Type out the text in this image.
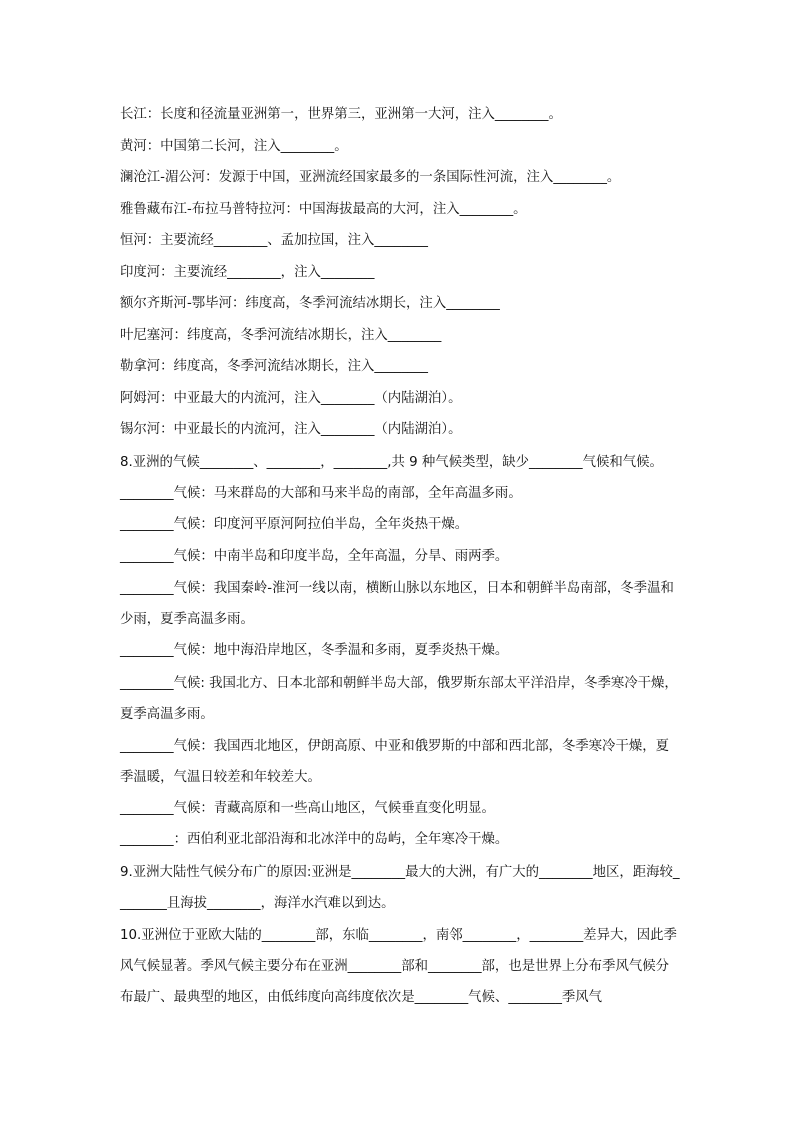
长江：长度和径流量亚洲第一，世界第三，亚洲第一大河，注入________。
黄河：中国第二长河，注入________。
澜沧江-湄公河：发源于中国，亚洲流经国家最多的一条国际性河流，注入________。
雅鲁藏布江-布拉马普特拉河：中国海拔最高的大河，注入________。
恒河：主要流经________、孟加拉国，注入________
印度河：主要流经________，注入________
额尔齐斯河-鄂毕河：纬度高，冬季河流结冰期长，注入________
叶尼塞河：纬度高，冬季河流结冰期长，注入________
勒拿河：纬度高，冬季河流结冰期长，注入________
阿姆河：中亚最大的内流河，注入________（内陆湖泊）。
锡尔河：中亚最长的内流河，注入________（内陆湖泊）。
8.亚洲的气候________、________，________,共 9 种气候类型，缺少________气候和气候。
________气候：马来群岛的大部和马来半岛的南部，全年高温多雨。
________气候：印度河平原河阿拉伯半岛，全年炎热干燥。
________气候：中南半岛和印度半岛，全年高温，分旱、雨两季。
________气候：我国秦岭-淮河一线以南，横断山脉以东地区，日本和朝鲜半岛南部，冬季温和少雨，夏季高温多雨。
________气候：地中海沿岸地区，冬季温和多雨，夏季炎热干燥。
________气候: 我国北方、日本北部和朝鲜半岛大部，俄罗斯东部太平洋沿岸，冬季寒冷干燥，夏季高温多雨。
________气候：我国西北地区，伊朗高原、中亚和俄罗斯的中部和西北部，冬季寒冷干燥，夏季温暖，气温日较差和年较差大。
________气候：青藏高原和一些高山地区，气候垂直变化明显。
________：西伯利亚北部沿海和北冰洋中的岛屿，全年寒冷干燥。
9.亚洲大陆性气候分布广的原因:亚洲是________最大的大洲，有广大的________地区，距海较________且海拔________，海洋水汽难以到达。
10.亚洲位于亚欧大陆的________部，东临________，南邻________，________差异大，因此季风气候显著。季风气候主要分布在亚洲________部和________部，也是世界上分布季风气候分布最广、最典型的地区，由低纬度向高纬度依次是________气候、________季风气
